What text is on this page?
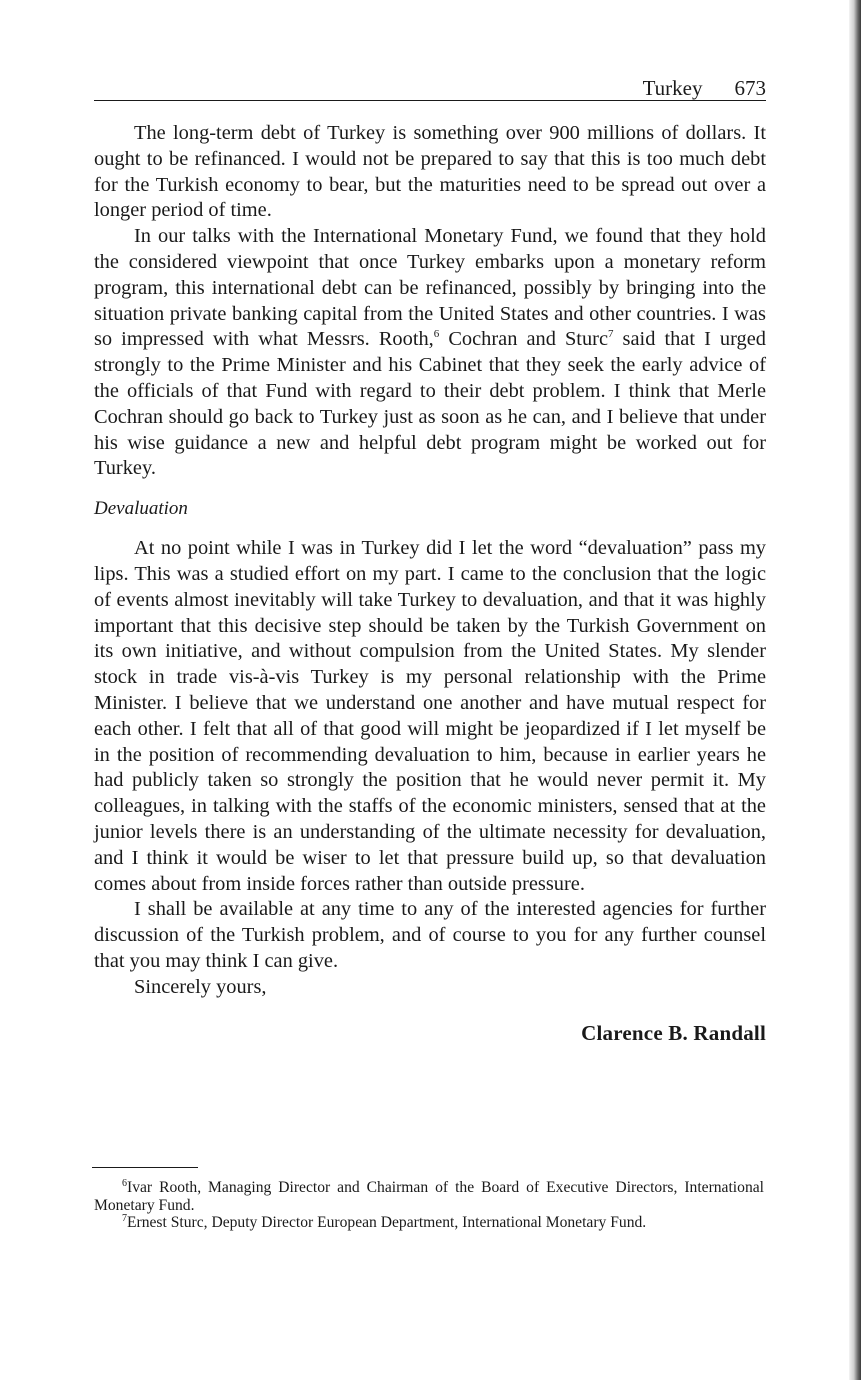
Turkey 673

The long-term debt of Turkey is something over 900 millions of dollars. It ought to be refinanced. I would not be prepared to say that this is too much debt for the Turkish economy to bear, but the maturities need to be spread out over a longer period of time.

In our talks with the International Monetary Fund, we found that they hold the considered viewpoint that once Turkey embarks upon a monetary reform program, this international debt can be refinanced, possibly by bringing into the situation private banking capital from the United States and other countries. I was so impressed with what Messrs. Rooth,$^6$ Cochran and Sturc$^7$ said that I urged strongly to the Prime Minister and his Cabinet that they seek the early advice of the officials of that Fund with regard to their debt problem. I think that Merle Cochran should go back to Turkey just as soon as he can, and I believe that under his wise guidance a new and helpful debt program might be worked out for Turkey.

Devaluation

At no point while I was in Turkey did I let the word “devaluation” pass my lips. This was a studied effort on my part. I came to the conclusion that the logic of events almost inevitably will take Turkey to devaluation, and that it was highly important that this decisive step should be taken by the Turkish Government on its own initiative, and without compulsion from the United States. My slender stock in trade vis-à-vis Turkey is my personal relationship with the Prime Minister. I believe that we understand one another and have mutual respect for each other. I felt that all of that good will might be jeopardized if I let myself be in the position of recommending devaluation to him, because in earlier years he had publicly taken so strongly the position that he would never permit it. My colleagues, in talking with the staffs of the economic ministers, sensed that at the junior levels there is an understanding of the ultimate necessity for devaluation, and I think it would be wiser to let that pressure build up, so that devaluation comes about from inside forces rather than outside pressure.

I shall be available at any time to any of the interested agencies for further discussion of the Turkish problem, and of course to you for any further counsel that you may think I can give.

Sincerely yours,

Clarence B. Randall

$^6$Ivar Rooth, Managing Director and Chairman of the Board of Executive Directors, International Monetary Fund.

$^7$Ernest Sturc, Deputy Director European Department, International Monetary Fund.
